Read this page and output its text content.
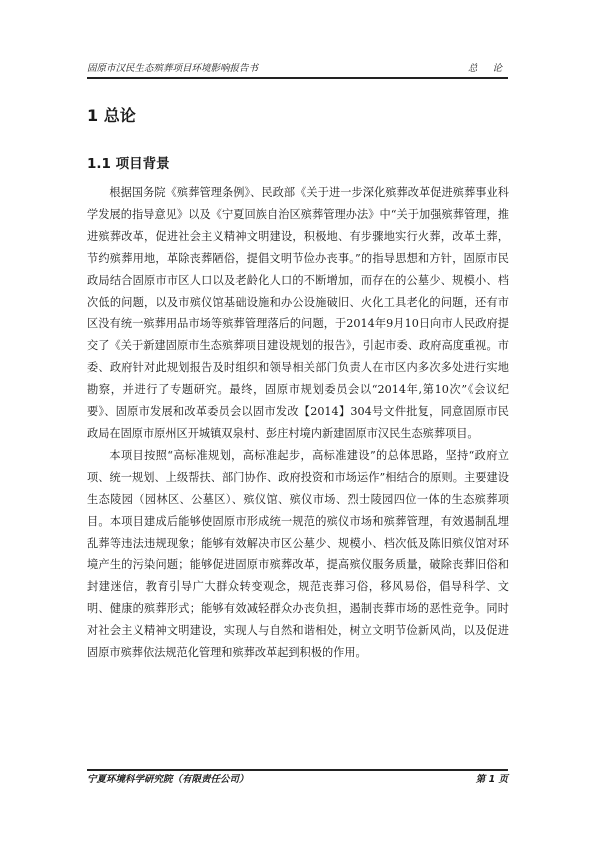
固原市汉民生态殡葬项目环境影响报告书	总 论
1 总论
1.1 项目背景

根据国务院《殡葬管理条例》、民政部《关于进一步深化殡葬改革促进殡葬事业科学发展的指导意见》以及《宁夏回族自治区殡葬管理办法》中“关于加强殡葬管理，推进殡葬改革，促进社会主义精神文明建设，积极地、有步骤地实行火葬，改革土葬，节约殡葬用地，革除丧葬陋俗，提倡文明节俭办丧事。”的指导思想和方针，固原市民政局结合固原市市区人口以及老龄化人口的不断增加，而存在的公墓少、规模小、档次低的问题，以及市殡仪馆基础设施和办公设施破旧、火化工具老化的问题，还有市区没有统一殡葬用品市场等殡葬管理落后的问题，于2014年9月10日向市人民政府提交了《关于新建固原市生态殡葬项目建设规划的报告》，引起市委、政府高度重视。市委、政府针对此规划报告及时组织和领导相关部门负责人在市区内多次多处进行实地勘察，并进行了专题研究。最终，固原市规划委员会以“2014年,第10次”《会议纪要》、固原市发展和改革委员会以固市发改【2014】304号文件批复，同意固原市民政局在固原市原州区开城镇双泉村、彭庄村境内新建固原市汉民生态殡葬项目。

本项目按照“高标准规划，高标准起步，高标准建设”的总体思路，坚持“政府立项、统一规划、上级帮扶、部门协作、政府投资和市场运作”相结合的原则。主要建设生态陵园（园林区、公墓区）、殡仪馆、殡仪市场、烈士陵园四位一体的生态殡葬项目。本项目建成后能够使固原市形成统一规范的殡仪市场和殡葬管理，有效遏制乱埋乱葬等违法违规现象；能够有效解决市区公墓少、规模小、档次低及陈旧殡仪馆对环境产生的污染问题；能够促进固原市殡葬改革，提高殡仪服务质量，破除丧葬旧俗和封建迷信，教育引导广大群众转变观念，规范丧葬习俗，移风易俗，倡导科学、文明、健康的殡葬形式；能够有效减轻群众办丧负担，遏制丧葬市场的恶性竞争。同时对社会主义精神文明建设，实现人与自然和谐相处，树立文明节俭新风尚，以及促进固原市殡葬依法规范化管理和殡葬改革起到积极的作用。

宁夏环境科学研究院（有限责任公司）	第 1 页
